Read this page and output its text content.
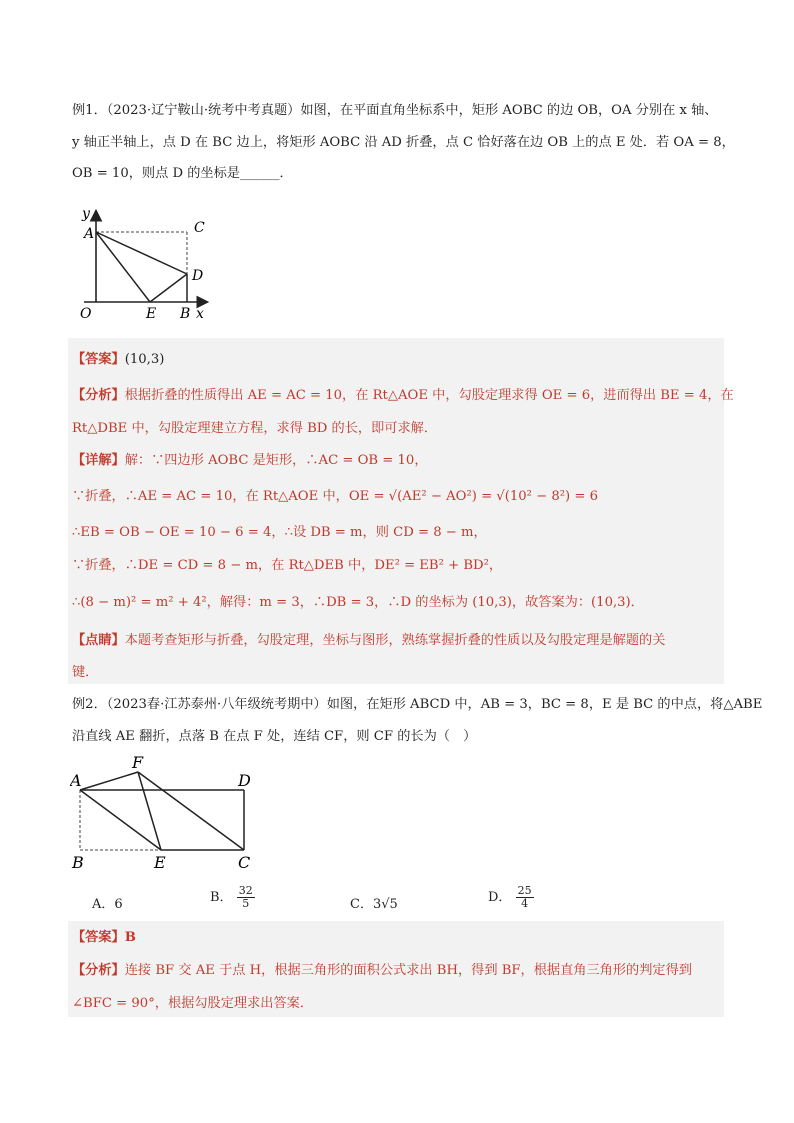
例1．（2023·辽宁鞍山·统考中考真题）如图，在平面直角坐标系中，矩形 AOBC 的边 OB，OA 分别在 x 轴、
y 轴正半轴上，点 D 在 BC 边上，将矩形 AOBC 沿 AD 折叠，点 C 恰好落在边 OB 上的点 E 处．若 OA = 8，
OB = 10，则点 D 的坐标是______．
y
A	C
D
O	E B x
【答案】(10,3)
【分析】根据折叠的性质得出 AE = AC = 10，在 Rt△AOE 中，勾股定理求得 OE = 6，进而得出 BE = 4，在
Rt△DBE 中，勾股定理建立方程，求得 BD 的长，即可求解．
【详解】解：∵四边形 AOBC 是矩形，∴AC = OB = 10，
∵折叠，∴AE = AC = 10，在 Rt△AOE 中，OE = √(AE² − AO²) = √(10² − 8²) = 6
∴EB = OB − OE = 10 − 6 = 4，∴设 DB = m，则 CD = 8 − m，
∵折叠，∴DE = CD = 8 − m，在 Rt△DEB 中，DE² = EB² + BD²，
∴(8 − m)² = m² + 4²，解得：m = 3，∴DB = 3，∴D 的坐标为 (10,3)，故答案为：(10,3)．
【点睛】本题考查矩形与折叠，勾股定理，坐标与图形，熟练掌握折叠的性质以及勾股定理是解题的关
键．
例2．（2023春·江苏泰州·八年级统考期中）如图，在矩形 ABCD 中，AB = 3，BC = 8，E 是 BC 的中点，将△ABE
沿直线 AE 翻折，点落 B 在点 F 处，连结 CF，则 CF 的长为（　）
A
F
D
B	E	C
A．6	B． $\frac{32}{5}$	C．3√5	D． $\frac{25}{4}$
【答案】B
【分析】连接 BF 交 AE 于点 H，根据三角形的面积公式求出 BH，得到 BF，根据直角三角形的判定得到
∠BFC = 90°，根据勾股定理求出答案．
